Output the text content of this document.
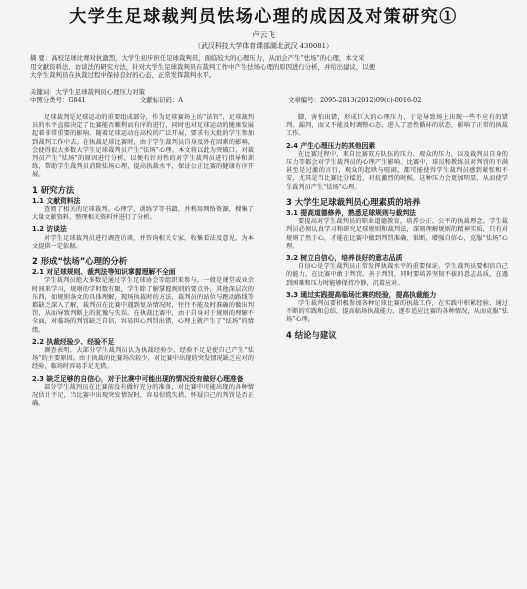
大学生足球裁判员怯场心理的成因及对策研究①
卢云飞
（武汉科技大学体育课部湖北武汉 430081）
摘 要：高校足球比赛对抗激烈，大学生初步担任足球裁判员，面临较大的心理压力，从而会产生“怯场”的心理，本文采
用文献资料法、访谈法的研究方法，针对大学生足球裁判员在裁判工作中产生怯场心理的原因进行分析，并给出建议，以便
大学生裁判员在执裁过程中保持良好的心态，正常发挥裁判水平。
关键词：大学生足球裁判员心理压力对策
中图分类号：G841	文献标识码：A	文章编号：2095-2813(2012)09(c)-0016-02

足球裁判是足球运动的重要组成部分，作为足球赛场上的“法官”，足球裁判员的水平直接决定了比赛能否顺利而有序的进行，同时也对足球运动的健康发展起着非常重要的影响。随着足球运动在高校的广泛开展，要求有大批的学生参加到裁判工作中去。在执裁足球比赛时，由于学生裁判员自身及外在因素的影响，会使得很大多数大学生足球裁判员产生“怯场”心理。本文将以此为突破口，对裁判员产生“怯场”的原因进行分析，以便有针对性的对学生裁判员进行指导和训练，帮助学生裁判员消除怯场心理，提高执裁水平，保证公正比赛的健康有序开展。

1 研究方法
1.1 文献资料法

查阅了相关的足球裁判、心理学、训练学等书籍，并利用网络资源，搜集了大量文献资料，整理相关资料并进行了分析。

1.2 访谈法

对学生足球裁判员进行调查访谈，并咨询相关专家，收集看法及意见，为本文提供一定依据。

2 形成“怯场”心理的分析
2.1 对足球规则、裁判法等知识掌握理解不全面

学生裁判员绝大多数是通过学生足球协会等组织来参与，一般是课堂或业余时间来学习，规则的学时数有限，学生除了解掌握规则的要点外，其他深层次的东西，如规则条文的具体理解，现场执裁时的方法，裁判员的站位与跑动路线等都缺乏深入了解，裁判员在比赛中遇到复杂情况时，往往不能及时准确的做出判罚，从而导致判断上的犹豫与失误。在执裁比赛中，由于自身对于规则的理解不全面，对临场的判罚缺乏自信，容易担心判罚出错，心理上就产生了“怯场”的情绪。

2.2 执裁经验少、经验不足

调查表明，大部分学生裁判员认为执裁经验少，经验不足是使自己产生“怯场”的主要原因。由于执裁的比赛场次较少，对比赛中出现的突发情况缺乏应对的经验，临场时容易手足无措。

2.3 缺乏足够的自信心，对于比赛中可能出现的情况没有做好心理准备

部分学生裁判员在比赛前没有做好充分的准备，对比赛中可能出现的各种情况估计不足，当比赛中出现突发情况时，容易惊慌失措，怀疑自己的判罚是否正确。

脚，害怕出错，形成巨大的心理压力，于是导致场上出现一些不应有的错判、漏判，而又不能及时调整心态，进入了恶性循环的状态，影响了正常的执裁工作。

2.4 产生心理压力的其他因素

在比赛过程中，来自比赛双方队伍的压力、观众的压力，以及裁判员自身的压力等都会对学生裁判员的心理产生影响。比赛中，球员和教练员对判罚的不满甚至是过激的言行，观众的起哄与喧闹，都可能使得学生裁判员感到紧张和不安，尤其是当比赛比分接近、对抗激烈的时候，这种压力会更加明显，从而使学生裁判员产生“怯场”心理。

3 大学生足球裁判员心理素质的培养
3.1 提高道德修养，熟悉足球规则与裁判法

要提高对学生裁判员的职业道德教育，培养公正、公平的执裁理念，学生裁判员必须认真学习和研究足球规则和裁判法，深刻理解规则的精神实质，只有对规则了然于心，才能在比赛中做到判罚准确、果断，增强自信心，克服“怯场”心理。

3.2 树立自信心，培养良好的意志品质

自信心是学生裁判员正常发挥执裁水平的重要保证。学生裁判员要相信自己的能力，在比赛中敢于判罚、善于判罚，同时要培养坚韧不拔的意志品质，在遇到困难和压力时能够保持冷静，沉着应对。

3.3 通过实践提高临场比赛的经验，提高执裁能力

学生裁判员要积极参加各种足球比赛的执裁工作，在实践中积累经验，通过不断的实践和总结，提高临场执裁能力，逐步适应比赛的各种情况，从而克服“怯场”心理。

4 结论与建议
